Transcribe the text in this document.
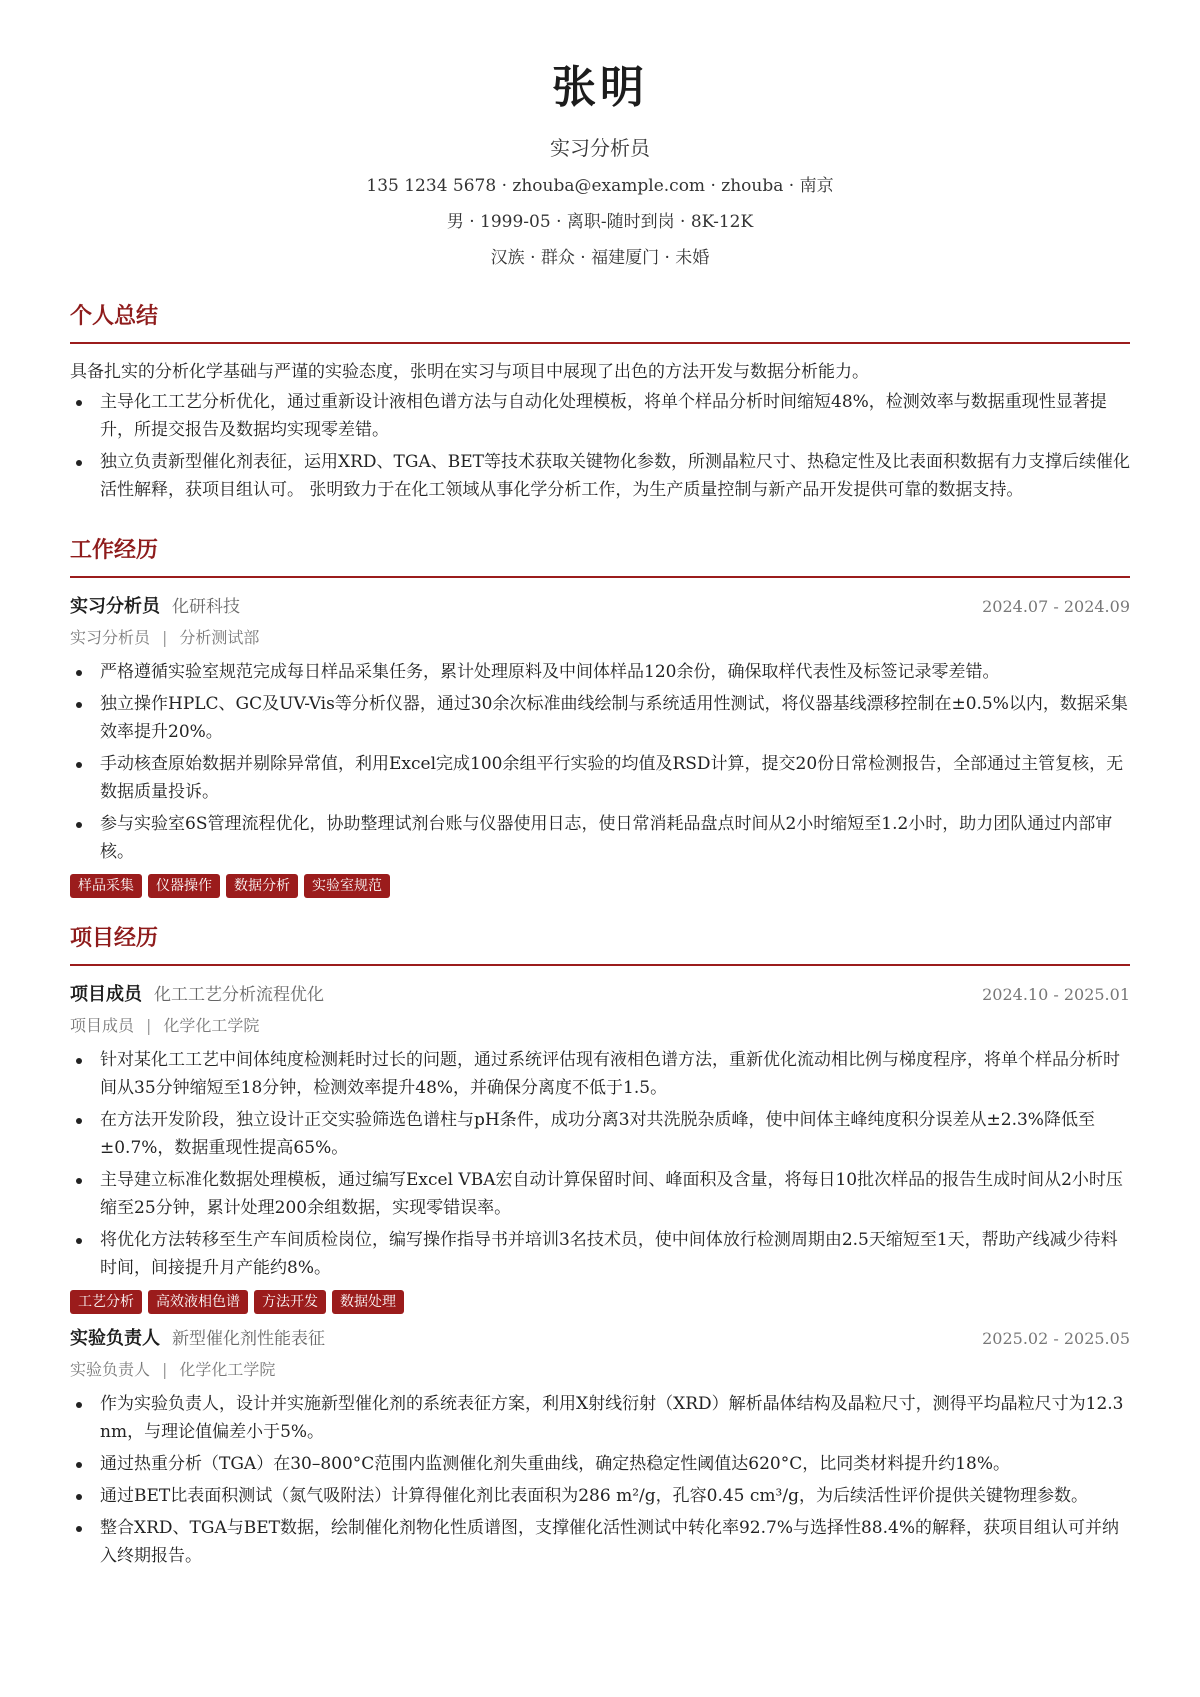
张明
实习分析员
135 1234 5678 · zhouba@example.com · zhouba · 南京
男 · 1999-05 · 离职-随时到岗 · 8K-12K
汉族 · 群众 · 福建厦门 · 未婚
个人总结

具备扎实的分析化学基础与严谨的实验态度，张明在实习与项目中展现了出色的方法开发与数据分析能力。

主导化工工艺分析优化，通过重新设计液相色谱方法与自动化处理模板，将单个样品分析时间缩短48%，检测效率与数据重现性显著提升，所提交报告及数据均实现零差错。
独立负责新型催化剂表征，运用XRD、TGA、BET等技术获取关键物化参数，所测晶粒尺寸、热稳定性及比表面积数据有力支撑后续催化活性解释，获项目组认可。 张明致力于在化工领域从事化学分析工作，为生产质量控制与新产品开发提供可靠的数据支持。
工作经历
实习分析员 化研科技	2024.07 - 2024.09
实习分析员 | 分析测试部
严格遵循实验室规范完成每日样品采集任务，累计处理原料及中间体样品120余份，确保取样代表性及标签记录零差错。
独立操作HPLC、GC及UV-Vis等分析仪器，通过30余次标准曲线绘制与系统适用性测试，将仪器基线漂移控制在±0.5%以内，数据采集效率提升20%。
手动核查原始数据并剔除异常值，利用Excel完成100余组平行实验的均值及RSD计算，提交20份日常检测报告，全部通过主管复核，无数据质量投诉。
参与实验室6S管理流程优化，协助整理试剂台账与仪器使用日志，使日常消耗品盘点时间从2小时缩短至1.2小时，助力团队通过内部审核。
样品采集	仪器操作	数据分析	实验室规范
项目经历
项目成员 化工工艺分析流程优化	2024.10 - 2025.01
项目成员 | 化学化工学院
针对某化工工艺中间体纯度检测耗时过长的问题，通过系统评估现有液相色谱方法，重新优化流动相比例与梯度程序，将单个样品分析时间从35分钟缩短至18分钟，检测效率提升48%，并确保分离度不低于1.5。
在方法开发阶段，独立设计正交实验筛选色谱柱与pH条件，成功分离3对共洗脱杂质峰，使中间体主峰纯度积分误差从±2.3%降低至±0.7%，数据重现性提高65%。
主导建立标准化数据处理模板，通过编写Excel VBA宏自动计算保留时间、峰面积及含量，将每日10批次样品的报告生成时间从2小时压缩至25分钟，累计处理200余组数据，实现零错误率。
将优化方法转移至生产车间质检岗位，编写操作指导书并培训3名技术员，使中间体放行检测周期由2.5天缩短至1天，帮助产线减少待料时间，间接提升月产能约8%。
工艺分析	高效液相色谱	方法开发	数据处理
实验负责人 新型催化剂性能表征	2025.02 - 2025.05
实验负责人 | 化学化工学院
作为实验负责人，设计并实施新型催化剂的系统表征方案，利用X射线衍射（XRD）解析晶体结构及晶粒尺寸，测得平均晶粒尺寸为12.3 nm，与理论值偏差小于5%。
通过热重分析（TGA）在30–800°C范围内监测催化剂失重曲线，确定热稳定性阈值达620°C，比同类材料提升约18%。
通过BET比表面积测试（氮气吸附法）计算得催化剂比表面积为286 m²/g，孔容0.45 cm³/g，为后续活性评价提供关键物理参数。
整合XRD、TGA与BET数据，绘制催化剂物化性质谱图，支撑催化活性测试中转化率92.7%与选择性88.4%的解释，获项目组认可并纳入终期报告。
